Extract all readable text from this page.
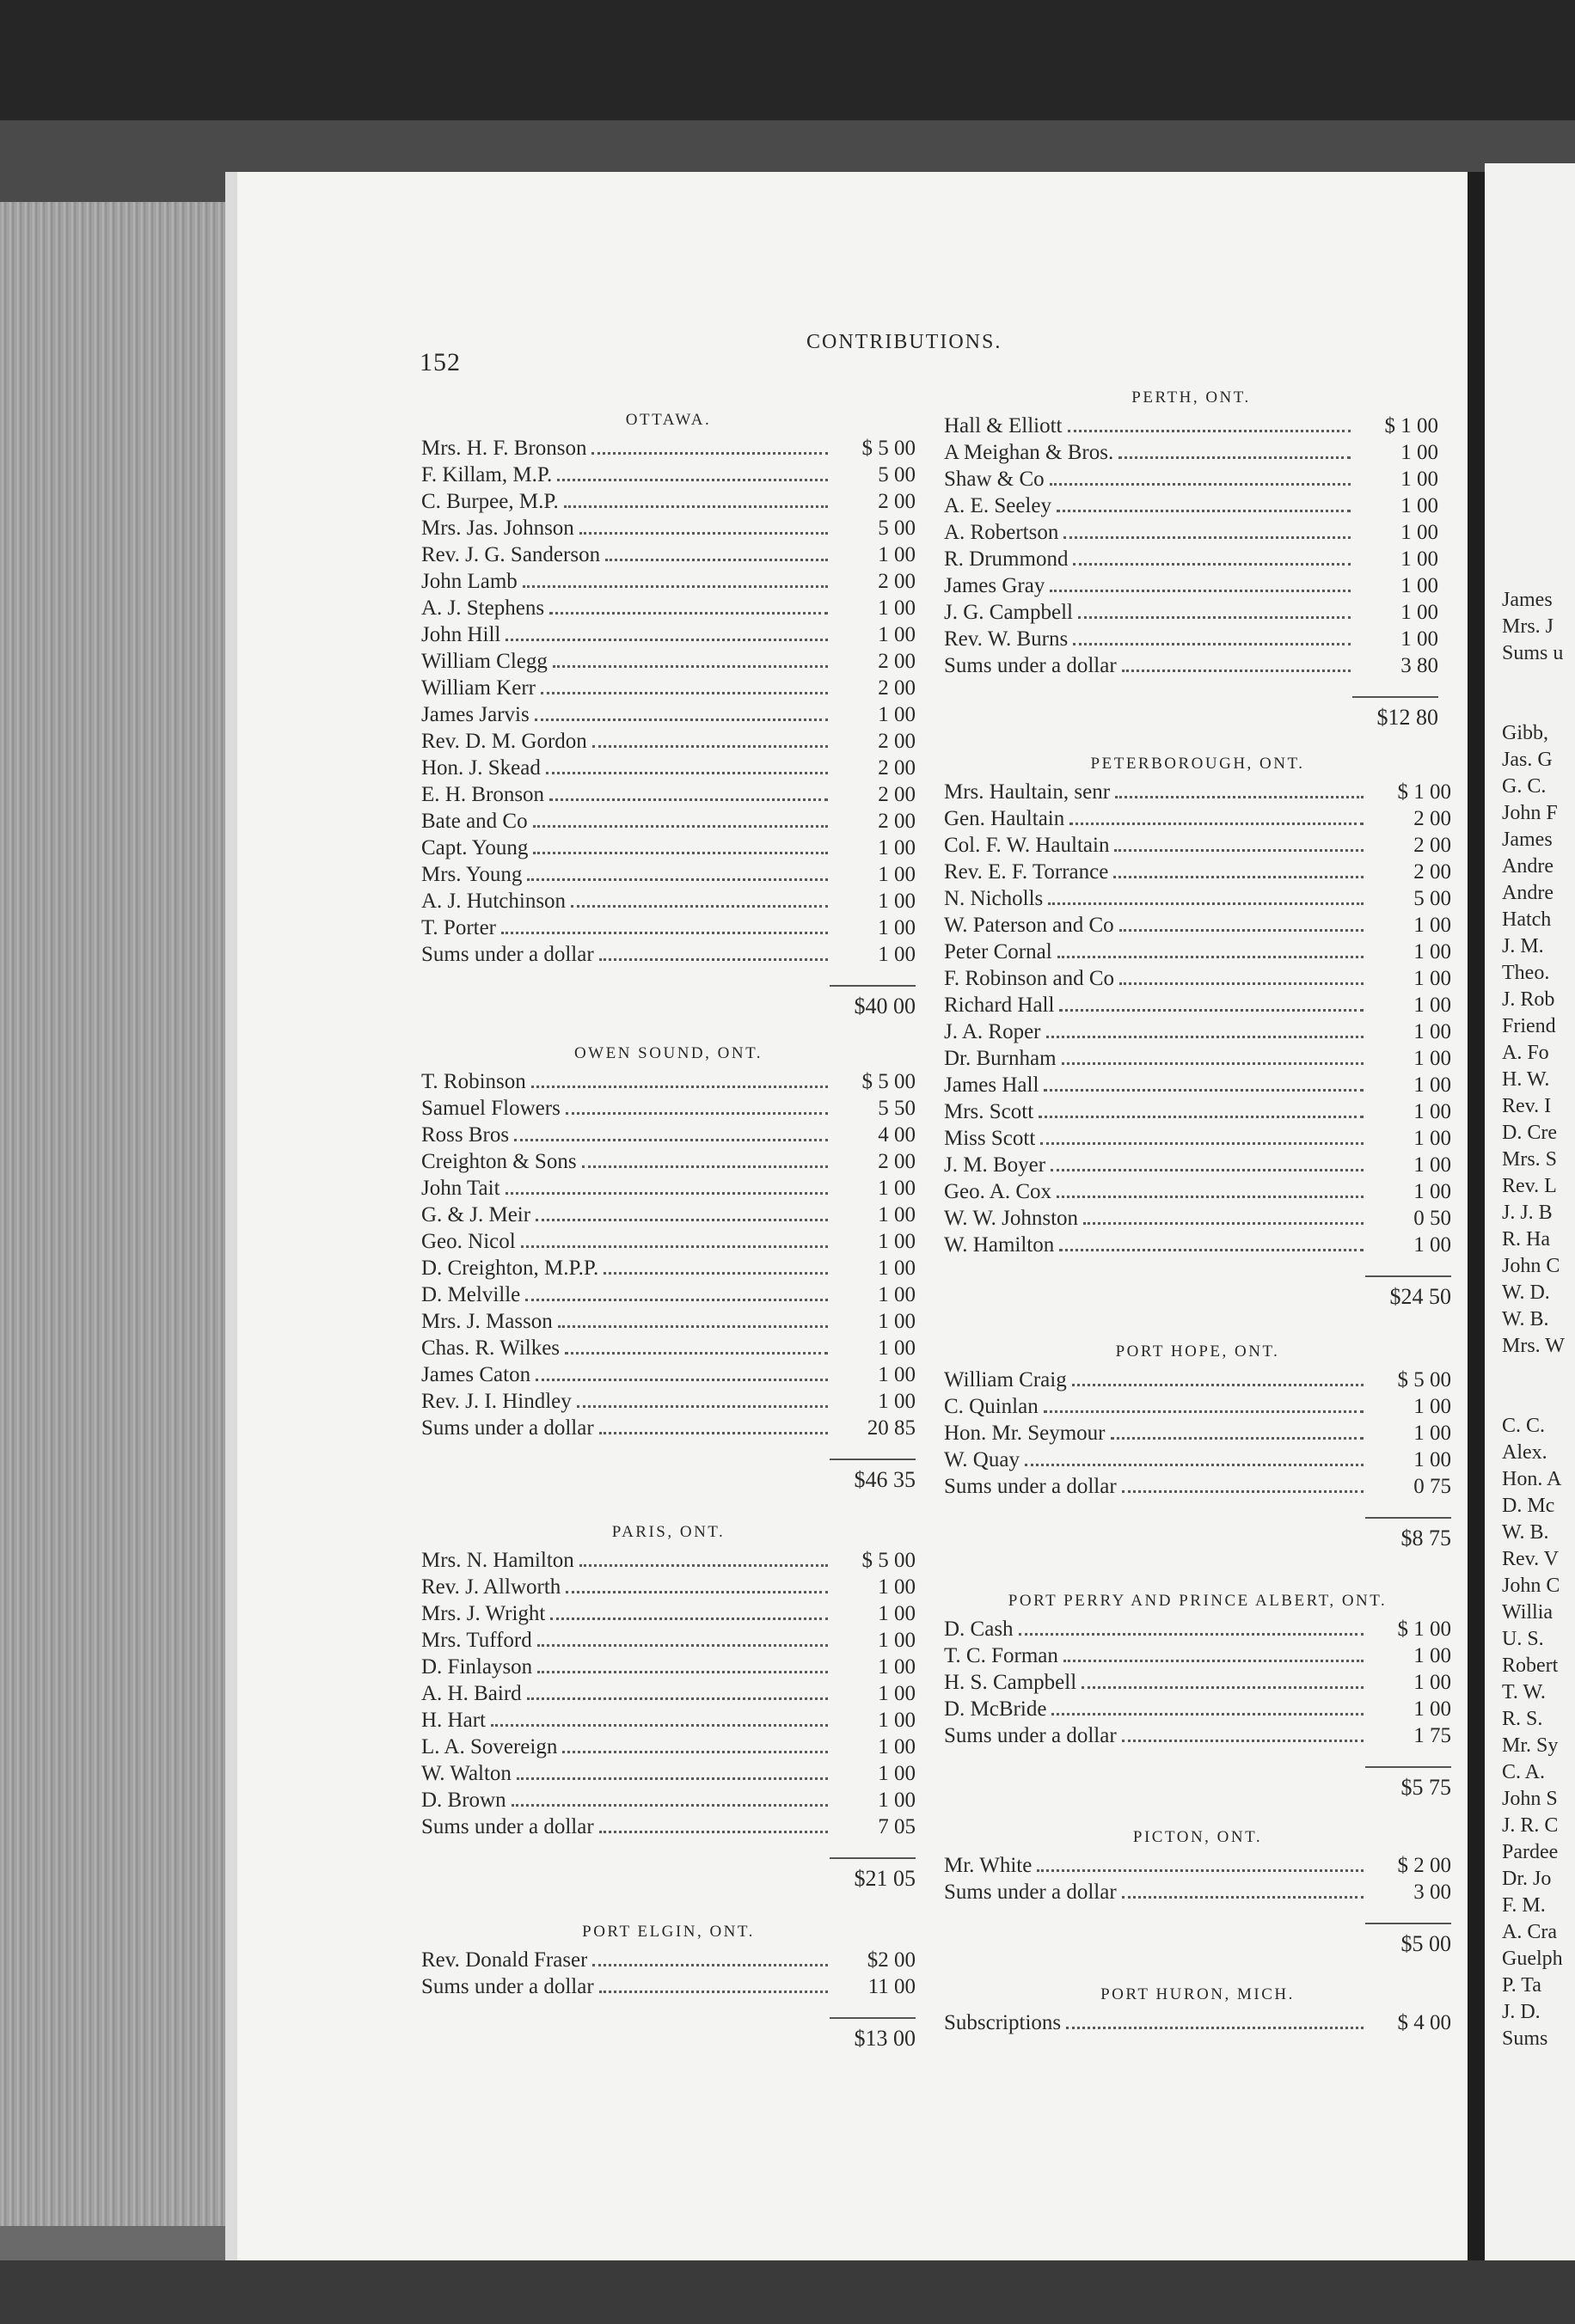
James
Mrs. J
Sums u
Gibb,
Jas. G
G. C.
John F
James
Andre
Andre
Hatch
J. M.
Theo.
J. Rob
Friend
A. Fo
H. W.
Rev. I
D. Cre
Mrs. S
Rev. L
J. J. B
R. Ha
John C
W. D.
W. B.
Mrs. W
C. C.
Alex.
Hon. A
D. Mc
W. B.
Rev. V
John C
Willia
U. S.
Robert
T. W.
R. S.
Mr. Sy
C. A.
John S
J. R. C
Pardee
Dr. Jo
F. M.
A. Cra
Guelph
P. Ta
J. D.
Sums
152
CONTRIBUTIONS.
OTTAWA.
Mrs. H. F. Bronson	$ 5 00
F. Killam, M.P.	5 00
C. Burpee, M.P.	2 00
Mrs. Jas. Johnson	5 00
Rev. J. G. Sanderson	1 00
John Lamb	2 00
A. J. Stephens	1 00
John Hill	1 00
William Clegg	2 00
William Kerr	2 00
James Jarvis	1 00
Rev. D. M. Gordon	2 00
Hon. J. Skead	2 00
E. H. Bronson	2 00
Bate and Co	2 00
Capt. Young	1 00
Mrs. Young	1 00
A. J. Hutchinson	1 00
T. Porter	1 00
Sums under a dollar	1 00
$40 00
OWEN SOUND, ONT.
T. Robinson	$ 5 00
Samuel Flowers	5 50
Ross Bros	4 00
Creighton & Sons	2 00
John Tait	1 00
G. & J. Meir	1 00
Geo. Nicol	1 00
D. Creighton, M.P.P.	1 00
D. Melville	1 00
Mrs. J. Masson	1 00
Chas. R. Wilkes	1 00
James Caton	1 00
Rev. J. I. Hindley	1 00
Sums under a dollar	20 85
$46 35
PARIS, ONT.
Mrs. N. Hamilton	$ 5 00
Rev. J. Allworth	1 00
Mrs. J. Wright	1 00
Mrs. Tufford	1 00
D. Finlayson	1 00
A. H. Baird	1 00
H. Hart	1 00
L. A. Sovereign	1 00
W. Walton	1 00
D. Brown	1 00
Sums under a dollar	7 05
$21 05
PORT ELGIN, ONT.
Rev. Donald Fraser	$2 00
Sums under a dollar	11 00
$13 00
PERTH, ONT.
Hall & Elliott	$ 1 00
A Meighan & Bros.	1 00
Shaw & Co	1 00
A. E. Seeley	1 00
A. Robertson	1 00
R. Drummond	1 00
James Gray	1 00
J. G. Campbell	1 00
Rev. W. Burns	1 00
Sums under a dollar	3 80
$12 80
PETERBOROUGH, ONT.
Mrs. Haultain, senr	$ 1 00
Gen. Haultain	2 00
Col. F. W. Haultain	2 00
Rev. E. F. Torrance	2 00
N. Nicholls	5 00
W. Paterson and Co	1 00
Peter Cornal	1 00
F. Robinson and Co	1 00
Richard Hall	1 00
J. A. Roper	1 00
Dr. Burnham	1 00
James Hall	1 00
Mrs. Scott	1 00
Miss Scott	1 00
J. M. Boyer	1 00
Geo. A. Cox	1 00
W. W. Johnston	0 50
W. Hamilton	1 00
$24 50
PORT HOPE, ONT.
William Craig	$ 5 00
C. Quinlan	1 00
Hon. Mr. Seymour	1 00
W. Quay	1 00
Sums under a dollar	0 75
$8 75
PORT PERRY AND PRINCE ALBERT, ONT.
D. Cash	$ 1 00
T. C. Forman	1 00
H. S. Campbell	1 00
D. McBride	1 00
Sums under a dollar	1 75
$5 75
PICTON, ONT.
Mr. White	$ 2 00
Sums under a dollar	3 00
$5 00
PORT HURON, MICH.
Subscriptions	$ 4 00
